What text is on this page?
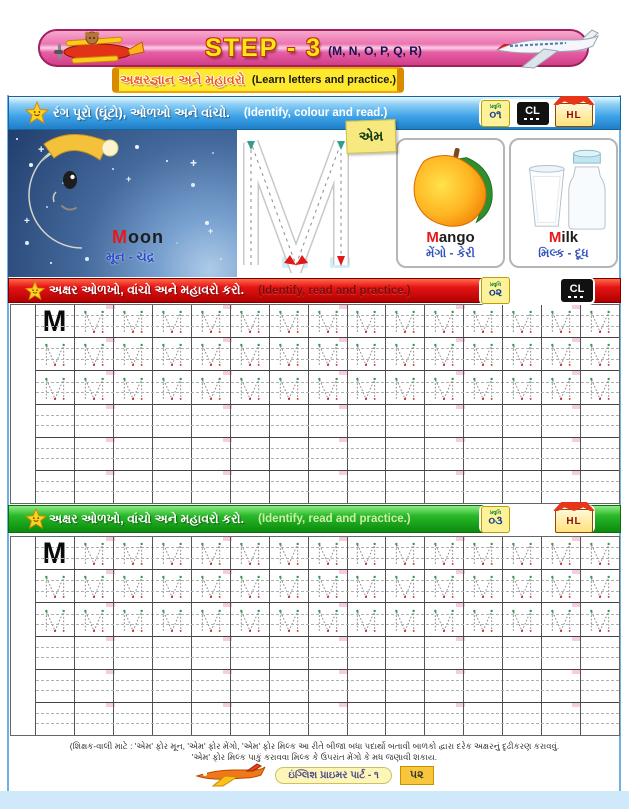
STEP - 3 (M, N, O, P, Q, R)
અક્ષરજ્ઞાન અને મહાવરો (Learn letters and practice.)
રંગ પૂરો (ઘૂંટો), ઓળખો અને વાંચો. (Identify, colour and read.)	પ્રવૃત્તિ
૦૧ CL	HL
+
+
+
+
+
Moon
મૂન - ચંદ્ર
એમ
Mango
મેંગો - કેરી
Milk
મિલ્ક - દૂધ
અક્ષર ઓળખો, વાંચો અને મહાવરો કરો. (Identify, read and practice.)	પ્રવૃત્તિ
૦૨	CL
M
અક્ષર ઓળખો, વાંચો અને મહાવરો કરો. (Identify, read and practice.)	પ્રવૃત્તિ
૦૩	HL
M
(શિક્ષક-વાલી માટે : 'એમ' ફોર મૂન, 'એમ' ફોર મેંગો, 'એમ' ફોર મિલ્ક આ રીતે બીજા બધા પદાર્થો બતાવી બાળકો દ્વારા દરેક અક્ષરનું દૃઢીકરણ કરાવવું.
'એમ' ફોર મિલ્ક પાકું કરાવવા મિલ્ક કે ઉપરાંત મેંગો કે મધ જણાવી શકાય.
ઇંગ્લિશ પ્રાઇમર પાર્ટ - ૧	૫૨
